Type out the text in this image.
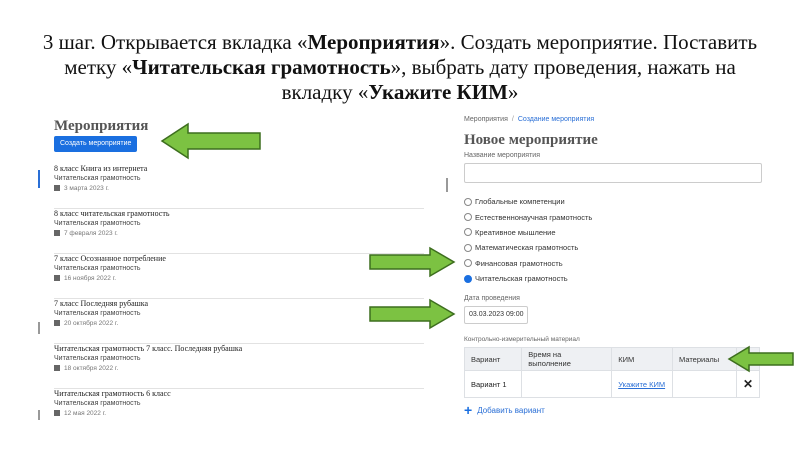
3 шаг. Открывается вкладка «Мероприятия». Создать мероприятие. Поставить метку «Читательская грамотность», выбрать дату проведения, нажать на вкладку «Укажите КИМ»
Мероприятия
Создать мероприятие
8 класс Книга из интернета
Читательская грамотность
3 марта 2023 г.
8 класс читательская грамотность
Читательская грамотность
7 февраля 2023 г.
7 класс Осознанное потребление
Читательская грамотность
16 ноября 2022 г.
7 класс Последняя рубашка
Читательская грамотность
20 октября 2022 г.
Читательская грамотность 7 класс. Последняя рубашка
Читательская грамотность
18 октября 2022 г.
Читательская грамотность 6 класс
Читательская грамотность
12 мая 2022 г.
Мероприятия / Создание мероприятия
Новое мероприятие
Название мероприятия
Глобальные компетенции
Естественнонаучная грамотность
Креативное мышление
Математическая грамотность
Финансовая грамотность
Читательская грамотность
Дата проведения
03.03.2023 09:00
Контрольно-измерительный материал
Вариант	Время на выполнение	КИМ	Материалы	
Вариант 1		Укажите КИМ		✕
+ Добавить вариант
